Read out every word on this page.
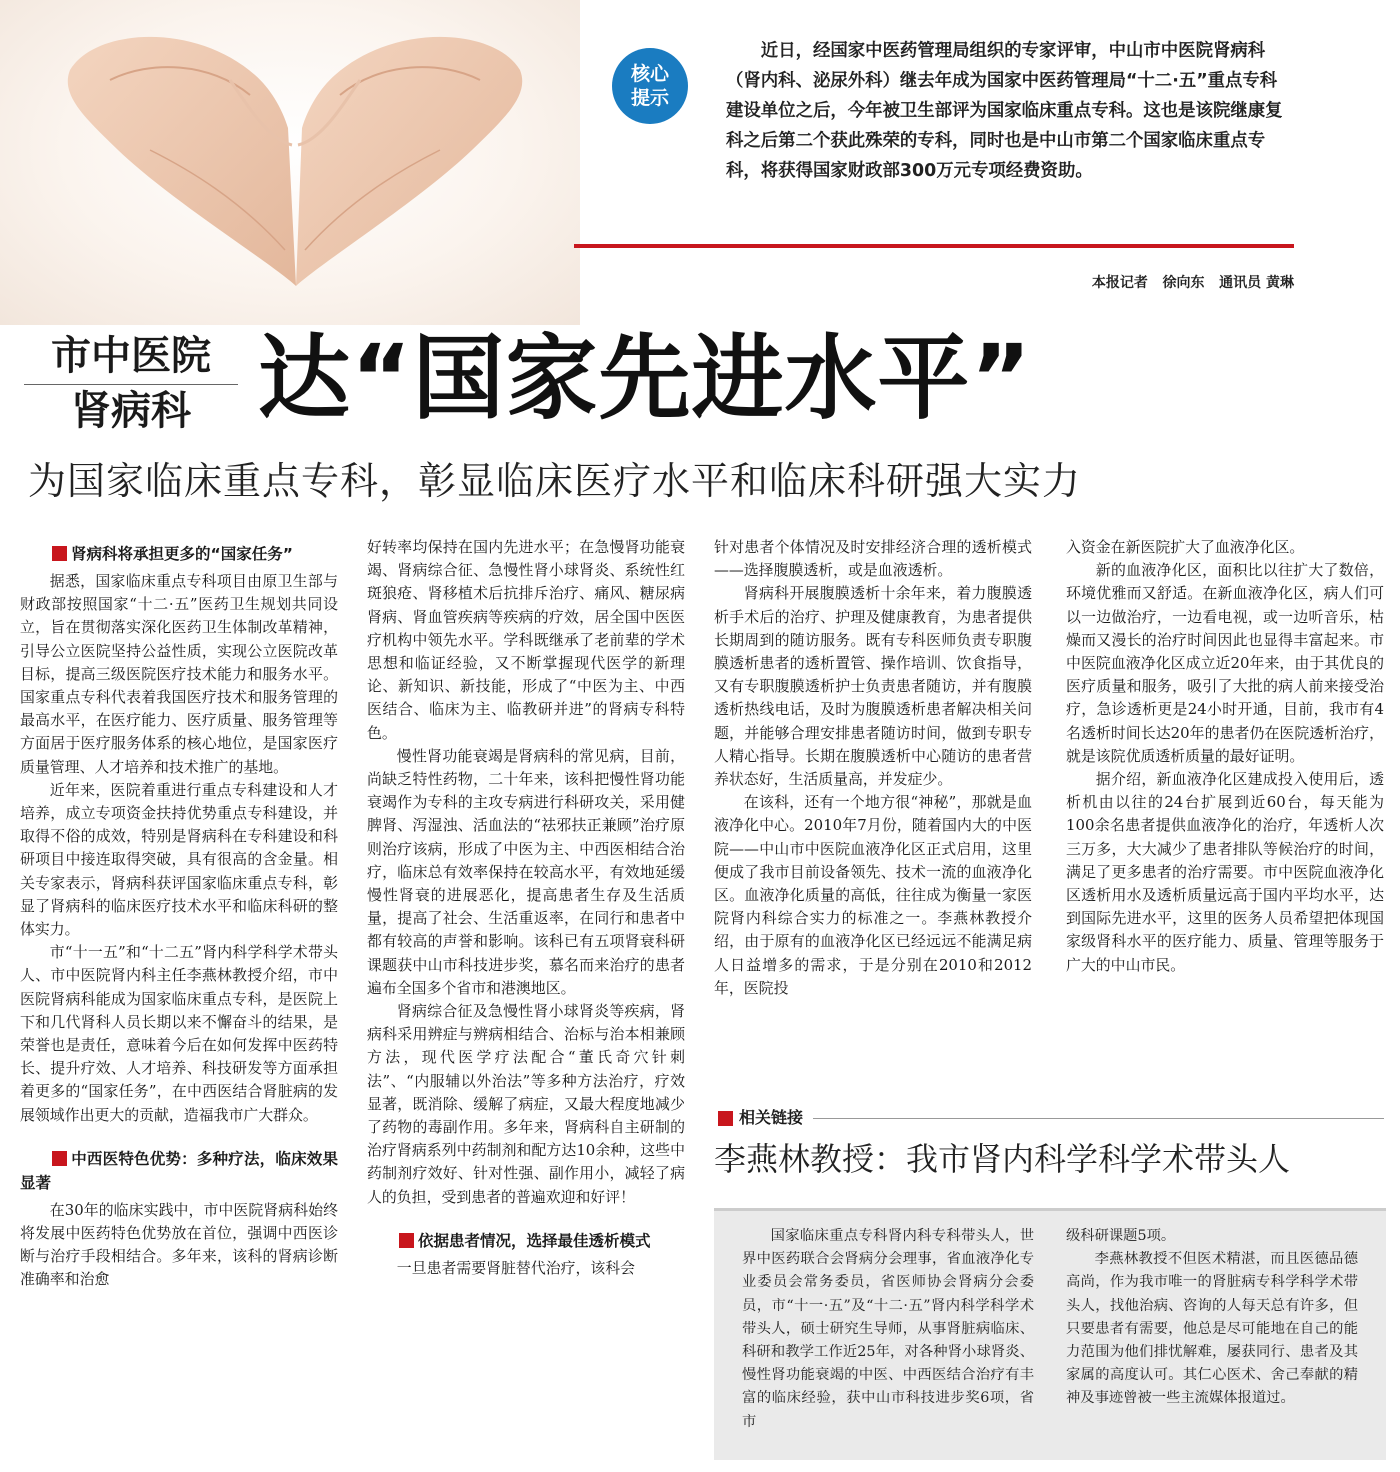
核心提示
近日，经国家中医药管理局组织的专家评审，中山市中医院肾病科（肾内科、泌尿外科）继去年成为国家中医药管理局“十二·五”重点专科建设单位之后，今年被卫生部评为国家临床重点专科。这也是该院继康复科之后第二个获此殊荣的专科，同时也是中山市第二个国家临床重点专科，将获得国家财政部300万元专项经费资助。
本报记者   徐向东   通讯员 黄琳
市中医院
肾病科 达“国家先进水平”
为国家临床重点专科，彰显临床医疗水平和临床科研强大实力
肾病科将承担更多的“国家任务”

据悉，国家临床重点专科项目由原卫生部与财政部按照国家“十二·五”医药卫生规划共同设立，旨在贯彻落实深化医药卫生体制改革精神，引导公立医院坚持公益性质，实现公立医院改革目标，提高三级医院医疗技术能力和服务水平。国家重点专科代表着我国医疗技术和服务管理的最高水平，在医疗能力、医疗质量、服务管理等方面居于医疗服务体系的核心地位，是国家医疗质量管理、人才培养和技术推广的基地。

近年来，医院着重进行重点专科建设和人才培养，成立专项资金扶持优势重点专科建设，并取得不俗的成效，特别是肾病科在专科建设和科研项目中接连取得突破，具有很高的含金量。相关专家表示，肾病科获评国家临床重点专科，彰显了肾病科的临床医疗技术水平和临床科研的整体实力。

市“十一五”和“十二五”肾内科学科学术带头人、市中医院肾内科主任李燕林教授介绍，市中医院肾病科能成为国家临床重点专科，是医院上下和几代肾科人员长期以来不懈奋斗的结果，是荣誉也是责任，意味着今后在如何发挥中医药特长、提升疗效、人才培养、科技研发等方面承担着更多的“国家任务”，在中西医结合肾脏病的发展领域作出更大的贡献，造福我市广大群众。

中西医特色优势：多种疗法，临床效果显著

在30年的临床实践中，市中医院肾病科始终将发展中医药特色优势放在首位，强调中西医诊断与治疗手段相结合。多年来，该科的肾病诊断准确率和治愈

好转率均保持在国内先进水平；在急慢肾功能衰竭、肾病综合征、急慢性肾小球肾炎、系统性红斑狼疮、肾移植术后抗排斥治疗、痛风、糖尿病肾病、肾血管疾病等疾病的疗效，居全国中医医疗机构中领先水平。学科既继承了老前辈的学术思想和临证经验，又不断掌握现代医学的新理论、新知识、新技能，形成了“中医为主、中西医结合、临床为主、临教研并进”的肾病专科特色。

慢性肾功能衰竭是肾病科的常见病，目前，尚缺乏特性药物，二十年来，该科把慢性肾功能衰竭作为专科的主攻专病进行科研攻关，采用健脾肾、泻湿浊、活血法的“祛邪扶正兼顾”治疗原则治疗该病，形成了中医为主、中西医相结合治疗，临床总有效率保持在较高水平，有效地延缓慢性肾衰的进展恶化，提高患者生存及生活质量，提高了社会、生活重返率，在同行和患者中都有较高的声誉和影响。该科已有五项肾衰科研课题获中山市科技进步奖，慕名而来治疗的患者遍布全国多个省市和港澳地区。

肾病综合征及急慢性肾小球肾炎等疾病，肾病科采用辨症与辨病相结合、治标与治本相兼顾方法，现代医学疗法配合“董氏奇穴针刺法”、“内服辅以外治法”等多种方法治疗，疗效显著，既消除、缓解了病症，又最大程度地减少了药物的毒副作用。多年来，肾病科自主研制的治疗肾病系列中药制剂和配方达10余种，这些中药制剂疗效好、针对性强、副作用小，减轻了病人的负担，受到患者的普遍欢迎和好评！

依据患者情况，选择最佳透析模式

一旦患者需要肾脏替代治疗，该科会

针对患者个体情况及时安排经济合理的透析模式——选择腹膜透析，或是血液透析。

肾病科开展腹膜透析十余年来，着力腹膜透析手术后的治疗、护理及健康教育，为患者提供长期周到的随访服务。既有专科医师负责专职腹膜透析患者的透析置管、操作培训、饮食指导，又有专职腹膜透析护士负责患者随访，并有腹膜透析热线电话，及时为腹膜透析患者解决相关问题，并能够合理安排患者随访时间，做到专职专人精心指导。长期在腹膜透析中心随访的患者营养状态好，生活质量高，并发症少。

在该科，还有一个地方很“神秘”，那就是血液净化中心。2010年7月份，随着国内大的中医院——中山市中医院血液净化区正式启用，这里便成了我市目前设备领先、技术一流的血液净化区。血液净化质量的高低，往往成为衡量一家医院肾内科综合实力的标准之一。李燕林教授介绍，由于原有的血液净化区已经远远不能满足病人日益增多的需求，于是分别在2010和2012年，医院投

入资金在新医院扩大了血液净化区。

新的血液净化区，面积比以往扩大了数倍，环境优雅而又舒适。在新血液净化区，病人们可以一边做治疗，一边看电视，或一边听音乐，枯燥而又漫长的治疗时间因此也显得丰富起来。市中医院血液净化区成立近20年来，由于其优良的医疗质量和服务，吸引了大批的病人前来接受治疗，急诊透析更是24小时开通，目前，我市有4名透析时间长达20年的患者仍在医院透析治疗，就是该院优质透析质量的最好证明。

据介绍，新血液净化区建成投入使用后，透析机由以往的24台扩展到近60台，每天能为100余名患者提供血液净化的治疗，年透析人次三万多，大大减少了患者排队等候治疗的时间，满足了更多患者的治疗需要。市中医院血液净化区透析用水及透析质量远高于国内平均水平，达到国际先进水平，这里的医务人员希望把体现国家级肾科水平的医疗能力、质量、管理等服务于广大的中山市民。

相关链接
李燕林教授：我市肾内科学科学术带头人

国家临床重点专科肾内科专科带头人，世界中医药联合会肾病分会理事，省血液净化专业委员会常务委员，省医师协会肾病分会委员，市“十一·五”及“十二·五”肾内科学科学术带头人，硕士研究生导师，从事肾脏病临床、科研和教学工作近25年，对各种肾小球肾炎、慢性肾功能衰竭的中医、中西医结合治疗有丰富的临床经验，获中山市科技进步奖6项，省市

级科研课题5项。

李燕林教授不但医术精湛，而且医德品德高尚，作为我市唯一的肾脏病专科学科学术带头人，找他治病、咨询的人每天总有许多，但只要患者有需要，他总是尽可能地在自己的能力范围为他们排忧解难，屡获同行、患者及其家属的高度认可。其仁心医术、舍己奉献的精神及事迹曾被一些主流媒体报道过。
